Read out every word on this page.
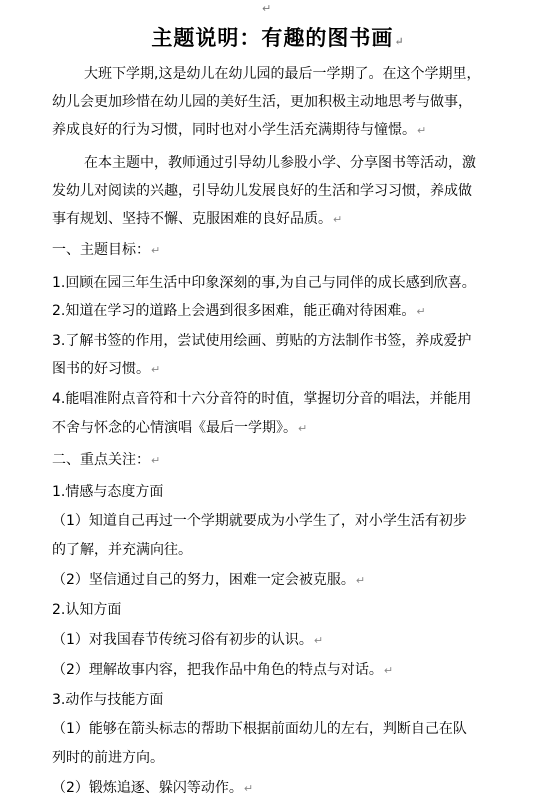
↵
主题说明：有趣的图书画↵
大班下学期,这是幼儿在幼儿园的最后一学期了。在这个学期里，
幼儿会更加珍惜在幼儿园的美好生活，更加积极主动地思考与做事，
养成良好的行为习惯，同时也对小学生活充满期待与憧憬。↵
在本主题中，教师通过引导幼儿参股小学、分享图书等活动，激
发幼儿对阅读的兴趣，引导幼儿发展良好的生活和学习习惯，养成做
事有规划、坚持不懈、克服困难的良好品质。↵
一、主题目标：↵
1.回顾在园三年生活中印象深刻的事,为自己与同伴的成长感到欣喜。
2.知道在学习的道路上会遇到很多困难，能正确对待困难。↵
3.了解书签的作用，尝试使用绘画、剪贴的方法制作书签，养成爱护
图书的好习惯。↵
4.能唱准附点音符和十六分音符的时值，掌握切分音的唱法，并能用
不舍与怀念的心情演唱《最后一学期》。↵
二、重点关注：↵
1.情感与态度方面
（1）知道自己再过一个学期就要成为小学生了，对小学生活有初步
的了解，并充满向往。
（2）坚信通过自己的努力，困难一定会被克服。↵
2.认知方面
（1）对我国春节传统习俗有初步的认识。↵
（2）理解故事内容，把我作品中角色的特点与对话。↵
3.动作与技能方面
（1）能够在箭头标志的帮助下根据前面幼儿的左右，判断自己在队
列时的前进方向。
（2）锻炼追逐、躲闪等动作。↵
